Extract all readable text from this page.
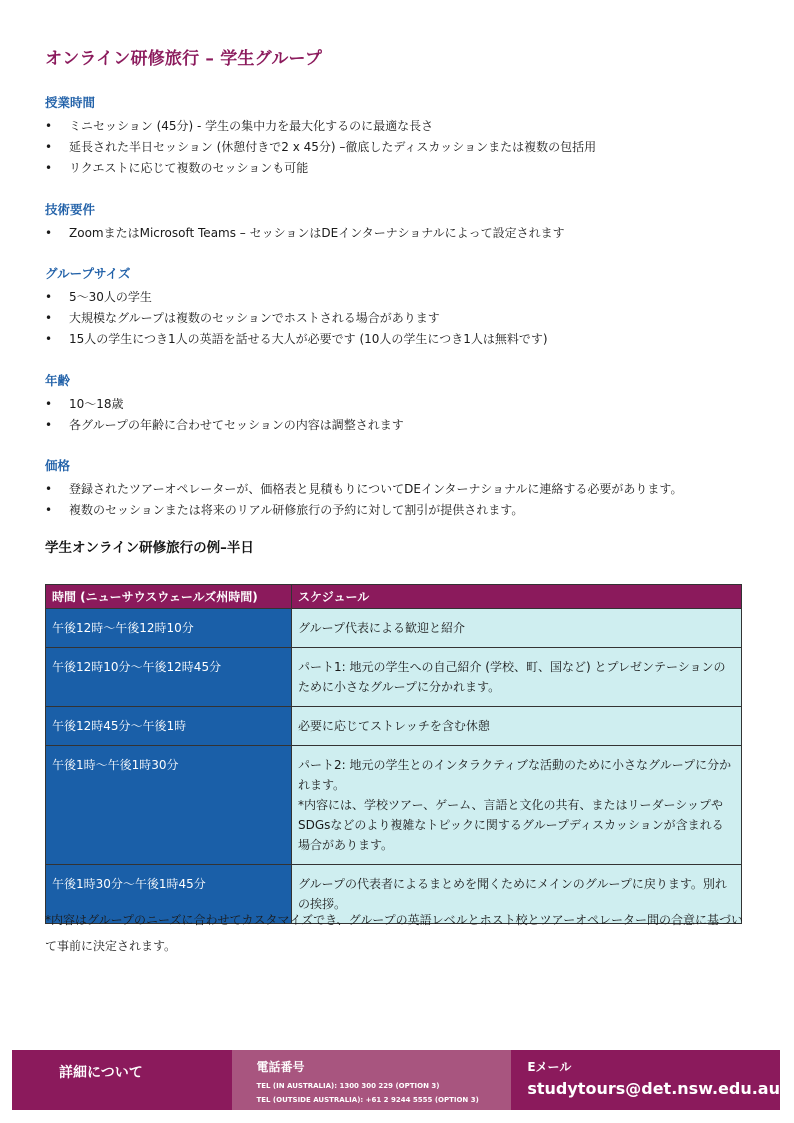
オンライン研修旅行 – 学生グループ
授業時間
• ミニセッション (45分) - 学生の集中力を最大化するのに最適な長さ
• 延長された半日セッション (休憩付きで2 x 45分) –徹底したディスカッションまたは複数の包括用
• リクエストに応じて複数のセッションも可能
技術要件
• ZoomまたはMicrosoft Teams – セッションはDEインターナショナルによって設定されます
グループサイズ
• 5〜30人の学生
• 大規模なグループは複数のセッションでホストされる場合があります
• 15人の学生につき1人の英語を話せる大人が必要です (10人の学生につき1人は無料です)
年齢
• 10〜18歳
• 各グループの年齢に合わせてセッションの内容は調整されます
価格
• 登録されたツアーオペレーターが、価格表と見積もりについてDEインターナショナルに連絡する必要があります。
• 複数のセッションまたは将来のリアル研修旅行の予約に対して割引が提供されます。
学生オンライン研修旅行の例–半日
時間 (ニューサウスウェールズ州時間)	スケジュール
午後12時〜午後12時10分	グループ代表による歓迎と紹介
午後12時10分〜午後12時45分	パート1: 地元の学生への自己紹介 (学校、町、国など) とプレゼンテーションのために小さなグループに分かれます。
午後12時45分〜午後1時	必要に応じてストレッチを含む休憩
午後1時〜午後1時30分	パート2: 地元の学生とのインタラクティブな活動のために小さなグループに分かれます。
*内容には、学校ツアー、ゲーム、言語と文化の共有、またはリーダーシップやSDGsなどのより複雑なトピックに関するグループディスカッションが含まれる場合があります。
午後1時30分〜午後1時45分	グループの代表者によるまとめを聞くためにメインのグループに戻ります。別れの挨拶。
*内容はグループのニーズに合わせてカスタマイズでき、グループの英語レベルとホスト校とツアーオペレーター間の合意に基づいて事前に決定されます。
詳細について	電話番号
TEL (IN AUSTRALIA): 1300 300 229 (OPTION 3)
TEL (OUTSIDE AUSTRALIA): +61 2 9244 5555 (OPTION 3)
Eメール
studytours@det.nsw.edu.au
